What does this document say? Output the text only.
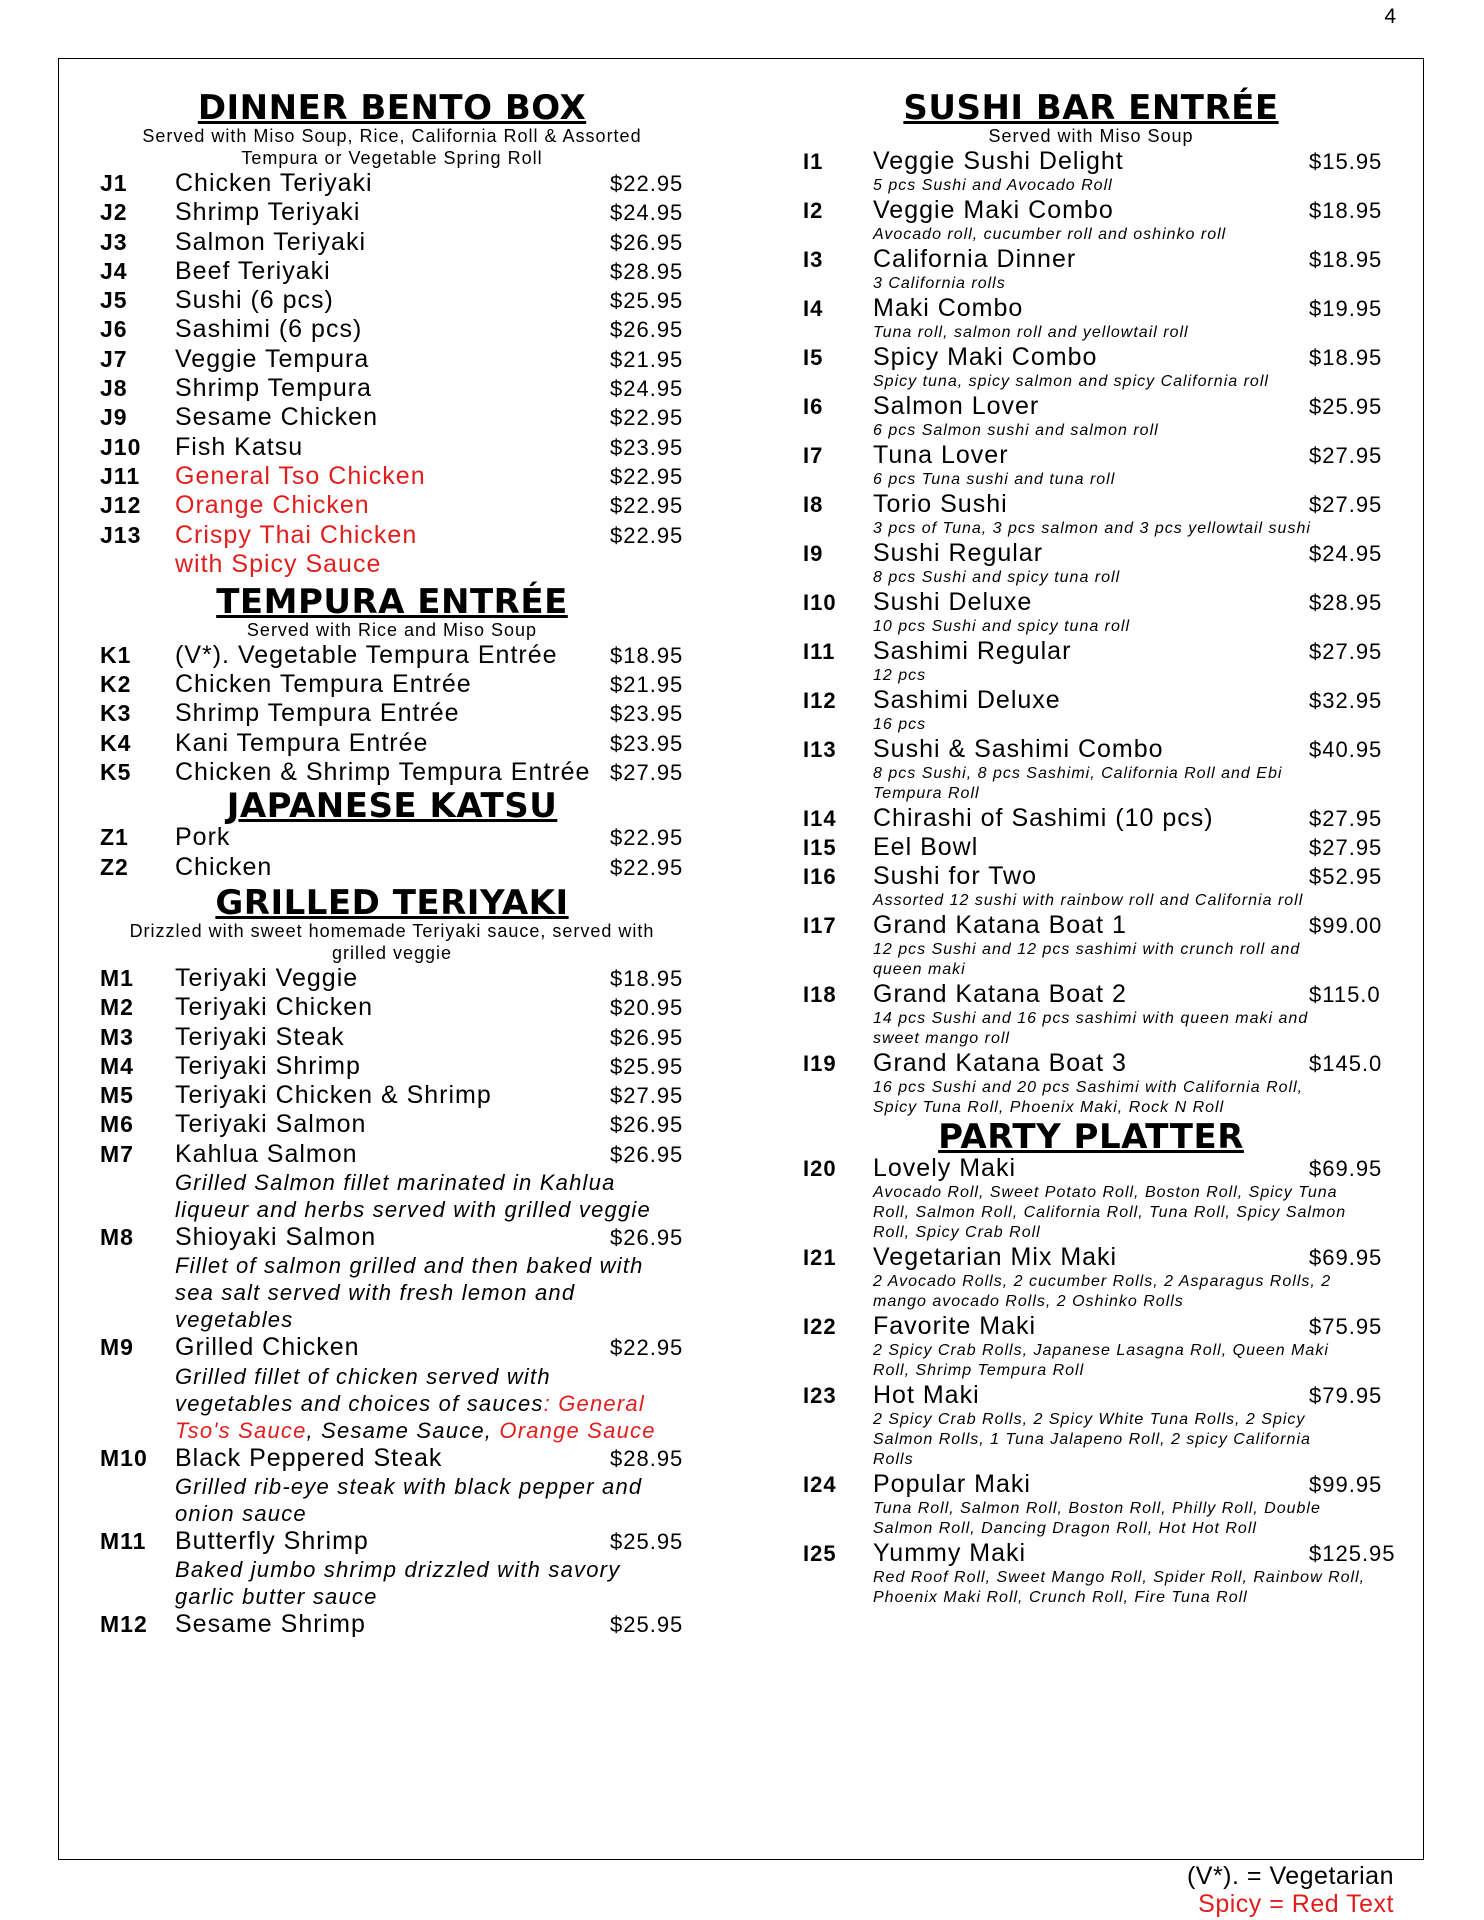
4
DINNER BENTO BOX
Served with Miso Soup, Rice, California Roll & Assorted
Tempura or Vegetable Spring Roll
J1 Chicken Teriyaki	$22.95
J2 Shrimp Teriyaki	$24.95
J3 Salmon Teriyaki	$26.95
J4 Beef Teriyaki	$28.95
J5 Sushi (6 pcs)	$25.95
J6 Sashimi (6 pcs)	$26.95
J7 Veggie Tempura	$21.95
J8 Shrimp Tempura	$24.95
J9 Sesame Chicken	$22.95
J10 Fish Katsu	$23.95
J11 General Tso Chicken	$22.95
J12 Orange Chicken	$22.95
J13 Crispy Thai Chicken	$22.95
with Spicy Sauce
TEMPURA ENTRÉE
Served with Rice and Miso Soup
K1 (V*). Vegetable Tempura Entrée $18.95
K2 Chicken Tempura Entrée	$21.95
K3 Shrimp Tempura Entrée	$23.95
K4 Kani Tempura Entrée	$23.95
K5 Chicken & Shrimp Tempura Entrée $27.95
JAPANESE KATSU
Z1 Pork	$22.95
Z2 Chicken	$22.95
GRILLED TERIYAKI
Drizzled with sweet homemade Teriyaki sauce, served with
grilled veggie
M1 Teriyaki Veggie	$18.95
M2 Teriyaki Chicken	$20.95
M3 Teriyaki Steak	$26.95
M4 Teriyaki Shrimp	$25.95
M5 Teriyaki Chicken & Shrimp	$27.95
M6 Teriyaki Salmon	$26.95
M7 Kahlua Salmon	$26.95
Grilled Salmon fillet marinated in Kahlua
liqueur and herbs served with grilled veggie
M8 Shioyaki Salmon	$26.95
Fillet of salmon grilled and then baked with
sea salt served with fresh lemon and
vegetables
M9 Grilled Chicken	$22.95
Grilled fillet of chicken served with
vegetables and choices of sauces: General
Tso's Sauce, Sesame Sauce, Orange Sauce
M10 Black Peppered Steak	$28.95
Grilled rib-eye steak with black pepper and
onion sauce
M11 Butterfly Shrimp	$25.95
Baked jumbo shrimp drizzled with savory
garlic butter sauce
M12 Sesame Shrimp	$25.95
SUSHI BAR ENTRÉE
Served with Miso Soup
I1 Veggie Sushi Delight	$15.95
5 pcs Sushi and Avocado Roll
I2 Veggie Maki Combo	$18.95
Avocado roll, cucumber roll and oshinko roll
I3 California Dinner	$18.95
3 California rolls
I4 Maki Combo	$19.95
Tuna roll, salmon roll and yellowtail roll
I5 Spicy Maki Combo	$18.95
Spicy tuna, spicy salmon and spicy California roll
I6 Salmon Lover	$25.95
6 pcs Salmon sushi and salmon roll
I7 Tuna Lover	$27.95
6 pcs Tuna sushi and tuna roll
I8 Torio Sushi	$27.95
3 pcs of Tuna, 3 pcs salmon and 3 pcs yellowtail sushi
I9 Sushi Regular	$24.95
8 pcs Sushi and spicy tuna roll
I10 Sushi Deluxe	$28.95
10 pcs Sushi and spicy tuna roll
I11 Sashimi Regular	$27.95
12 pcs
I12 Sashimi Deluxe	$32.95
16 pcs
I13 Sushi & Sashimi Combo	$40.95
8 pcs Sushi, 8 pcs Sashimi, California Roll and Ebi
Tempura Roll
I14 Chirashi of Sashimi (10 pcs)	$27.95
I15 Eel Bowl	$27.95
I16 Sushi for Two	$52.95
Assorted 12 sushi with rainbow roll and California roll
I17 Grand Katana Boat 1	$99.00
12 pcs Sushi and 12 pcs sashimi with crunch roll and
queen maki
I18 Grand Katana Boat 2	$115.0
14 pcs Sushi and 16 pcs sashimi with queen maki and
sweet mango roll
I19 Grand Katana Boat 3	$145.0
16 pcs Sushi and 20 pcs Sashimi with California Roll,
Spicy Tuna Roll, Phoenix Maki, Rock N Roll
PARTY PLATTER
I20 Lovely Maki	$69.95
Avocado Roll, Sweet Potato Roll, Boston Roll, Spicy Tuna
Roll, Salmon Roll, California Roll, Tuna Roll, Spicy Salmon
Roll, Spicy Crab Roll
I21 Vegetarian Mix Maki	$69.95
2 Avocado Rolls, 2 cucumber Rolls, 2 Asparagus Rolls, 2
mango avocado Rolls, 2 Oshinko Rolls
I22 Favorite Maki	$75.95
2 Spicy Crab Rolls, Japanese Lasagna Roll, Queen Maki
Roll, Shrimp Tempura Roll
I23 Hot Maki	$79.95
2 Spicy Crab Rolls, 2 Spicy White Tuna Rolls, 2 Spicy
Salmon Rolls, 1 Tuna Jalapeno Roll, 2 spicy California
Rolls
I24 Popular Maki	$99.95
Tuna Roll, Salmon Roll, Boston Roll, Philly Roll, Double
Salmon Roll, Dancing Dragon Roll, Hot Hot Roll
I25 Yummy Maki	$125.95
Red Roof Roll, Sweet Mango Roll, Spider Roll, Rainbow Roll,
Phoenix Maki Roll, Crunch Roll, Fire Tuna Roll
(V*). = Vegetarian
Spicy = Red Text
